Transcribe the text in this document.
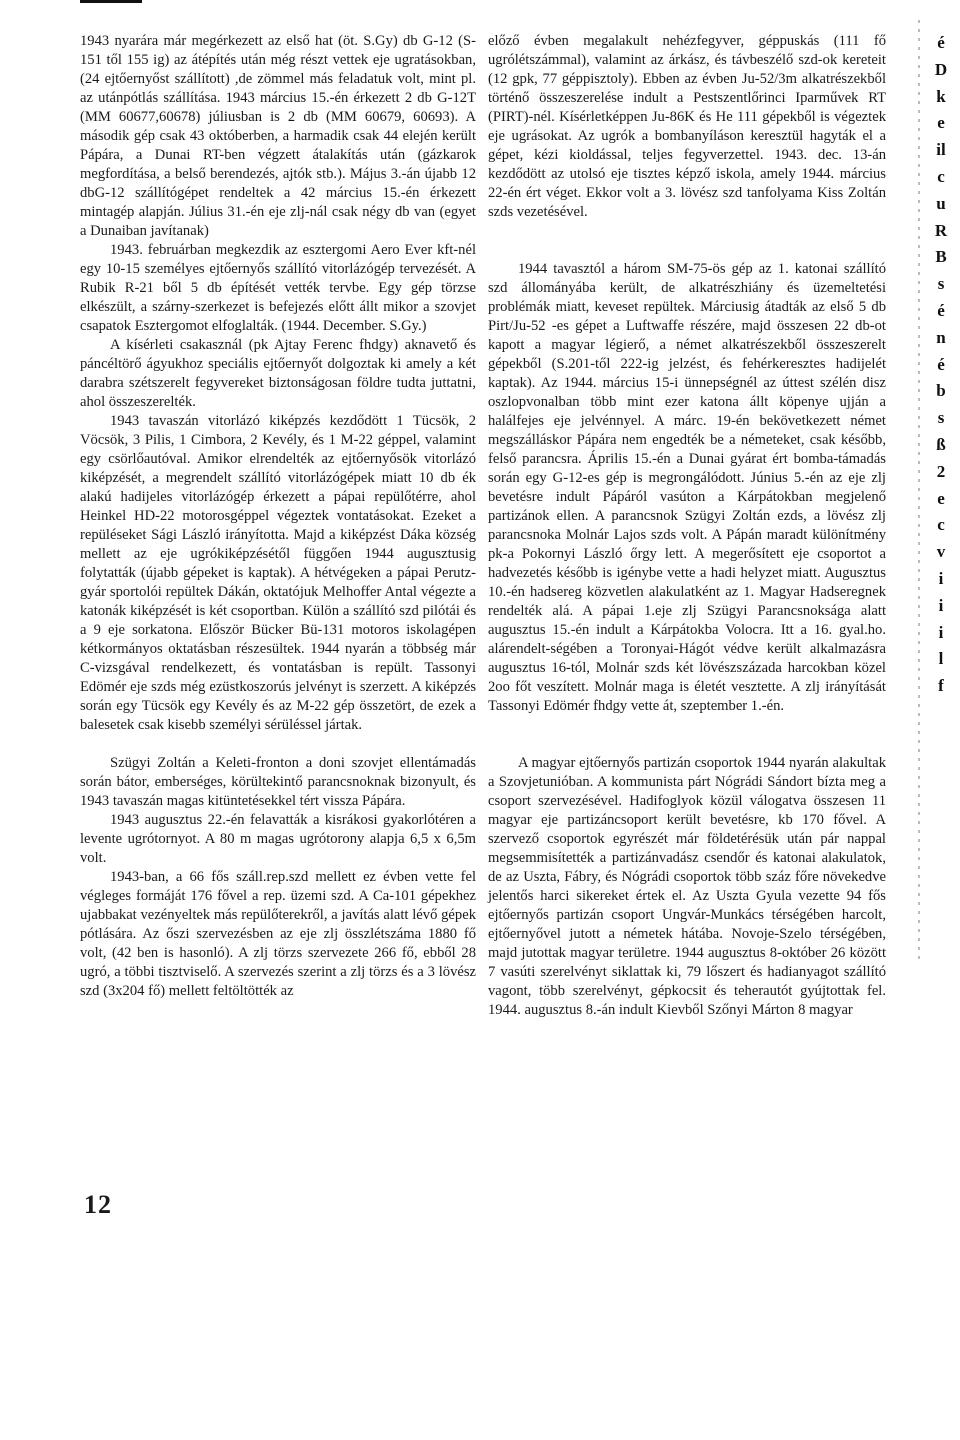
1943 nyarára már megérkezett az első hat (öt. S.Gy) db G-12 (S-151 től 155 ig) az átépítés után még részt vettek eje ugratásokban, (24 ejtőernyőst szállított) ,de zömmel más feladatuk volt, mint pl. az utánpótlás szállítása. 1943 március 15.-én érkezett 2 db G-12T (MM 60677,60678) júliusban is 2 db (MM 60679, 60693). A második gép csak 43 októberben, a harmadik csak 44 elején került Pápára, a Dunai RT-ben végzett átalakítás után (gázkarok megfordítása, a belső berendezés, ajtók stb.). Május 3.-án újabb 12 dbG-12 szállítógépet rendeltek a 42 március 15.-én érkezett mintagép alapján. Július 31.-én eje zlj-nál csak négy db van (egyet a Dunaiban javítanak)

1943. februárban megkezdik az esztergomi Aero Ever kft-nél egy 10-15 személyes ejtőernyős szállító vitorlázógép tervezését. A Rubik R-21 ből 5 db építését vették tervbe. Egy gép törzse elkészült, a szárny-szerkezet is befejezés előtt állt mikor a szovjet csapatok Esztergomot elfoglalták. (1944. December. S.Gy.)

A kísérleti csakasznál (pk Ajtay Ferenc fhdgy) aknavető és páncéltörő ágyukhoz speciális ejtőernyőt dolgoztak ki amely a két darabra szétszerelt fegyvereket biztonságosan földre tudta juttatni, ahol összeszerelték.

1943 tavaszán vitorlázó kiképzés kezdődött 1 Tücsök, 2 Vöcsök, 3 Pilis, 1 Cimbora, 2 Kevély, és 1 M-22 géppel, valamint egy csörlőautóval. Amikor elrendelték az ejtőernyősök vitorlázó kiképzését, a megrendelt szállító vitorlázógépek miatt 10 db ék alakú hadijeles vitorlázógép érkezett a pápai repülőtérre, ahol Heinkel HD-22 motorosgéppel végeztek vontatásokat. Ezeket a repüléseket Sági László irányította. Majd a kiképzést Dáka község mellett az eje ugrókiképzésétől függően 1944 augusztusig folytatták (újabb gépeket is kaptak). A hétvégeken a pápai Perutz-gyár sportolói repültek Dákán, oktatójuk Melhoffer Antal végezte a katonák kiképzését is két csoportban. Külön a szállító szd pilótái és a 9 eje sorkatona. Először Bücker Bü-131 motoros iskolagépen kétkormányos oktatásban részesültek. 1944 nyarán a többség már C-vizsgával rendelkezett, és vontatásban is repült. Tassonyi Edömér eje szds még ezüstkoszorús jelvényt is szerzett. A kiképzés során egy Tücsök egy Kevély és az M-22 gép összetört, de ezek a balesetek csak kisebb személyi sérüléssel jártak.

Szügyi Zoltán a Keleti-fronton a doni szovjet ellentámadás során bátor, emberséges, körültekintő parancsnoknak bizonyult, és 1943 tavaszán magas kitüntetésekkel tért vissza Pápára.

1943 augusztus 22.-én felavatták a kisrákosi gyakorlótéren a levente ugrótornyot. A 80 m magas ugrótorony alapja 6,5 x 6,5m volt.

1943-ban, a 66 fős száll.rep.szd mellett ez évben vette fel végleges formáját 176 fővel a rep. üzemi szd. A Ca-101 gépekhez ujabbakat vezényeltek más repülőterekről, a javítás alatt lévő gépek pótlására. Az őszi szervezésben az eje zlj összlétszáma 1880 fő volt, (42 ben is hasonló). A zlj törzs szervezete 266 fő, ebből 28 ugró, a többi tisztviselő. A szervezés szerint a zlj törzs és a 3 lövész szd (3x204 fő) mellett feltöltötték az

előző évben megalakult nehézfegyver, géppuskás (111 fő ugrólétszámmal), valamint az árkász, és távbeszélő szd-ok kereteit (12 gpk, 77 géppisztoly). Ebben az évben Ju-52/3m alkatrészekből történő összeszerelése indult a Pestszentlőrinci Iparművek RT (PIRT)-nél. Kísérletképpen Ju-86K és He 111 gépekből is végeztek eje ugrásokat. Az ugrók a bombanyíláson keresztül hagyták el a gépet, kézi kioldással, teljes fegyverzettel. 1943. dec. 13-án kezdődött az utolsó eje tisztes képző iskola, amely 1944. március 22-én ért véget. Ekkor volt a 3. lövész szd tanfolyama Kiss Zoltán szds vezetésével.

1944 tavasztól a három SM-75-ös gép az 1. katonai szállító szd állományába került, de alkatrészhiány és üzemeltetési problémák miatt, keveset repültek. Márciusig átadták az első 5 db Pirt/Ju-52 -es gépet a Luftwaffe részére, majd összesen 22 db-ot kapott a magyar légierő, a német alkatrészekből összeszerelt gépekből (S.201-től 222-ig jelzést, és fehérkeresztes hadijelét kaptak). Az 1944. március 15-i ünnepségnél az úttest szélén disz oszlopvonalban több mint ezer katona állt köpenye ujján a halálfejes eje jelvénnyel. A márc. 19-én bekövetkezett német megszálláskor Pápára nem engedték be a németeket, csak később, felső parancsra. Április 15.-én a Dunai gyárat ért bomba-támadás során egy G-12-es gép is megrongálódott. Június 5.-én az eje zlj bevetésre indult Pápáról vasúton a Kárpátokban megjelenő partizánok ellen. A parancsnok Szügyi Zoltán ezds, a lövész zlj parancsnoka Molnár Lajos szds volt. A Pápán maradt különítmény pk-a Pokornyi László őrgy lett. A megerősített eje csoportot a hadvezetés később is igénybe vette a hadi helyzet miatt. Augusztus 10.-én hadsereg közvetlen alakulatként az 1. Magyar Hadseregnek rendelték alá. A pápai 1.eje zlj Szügyi Parancsnoksága alatt augusztus 15.-én indult a Kárpátokba Volocra. Itt a 16. gyal.ho. alárendelt-ségében a Toronyai-Hágót védve került alkalmazásra augusztus 16-tól, Molnár szds két lövészszázada harcokban közel 2oo főt veszített. Molnár maga is életét vesztette. A zlj irányítását Tassonyi Edömér fhdgy vette át, szeptember 1.-én.

A magyar ejtőernyős partizán csoportok 1944 nyarán alakultak a Szovjetunióban. A kommunista párt Nógrádi Sándort bízta meg a csoport szervezésével. Hadifoglyok közül válogatva összesen 11 magyar eje partizáncsoport került bevetésre, kb 170 fővel. A szervező csoportok egyrészét már földetérésük után pár nappal megsemmisítették a partizánvadász csendőr és katonai alakulatok, de az Uszta, Fábry, és Nógrádi csoportok több száz főre növekedve jelentős harci sikereket értek el. Az Uszta Gyula vezette 94 fős ejtőernyős partizán csoport Ungvár-Munkács térségében harcolt, ejtőernyővel jutott a németek hátába. Novoje-Szelo térségében, majd jutottak magyar területre. 1944 augusztus 8-október 26 között 7 vasúti szerelvényt siklattak ki, 79 lőszert és hadianyagot szállító vagont, több szerelvényt, gépkocsit és teherautót gyújtottak fel. 1944. augusztus 8.-án indult Kievből Szőnyi Márton 8 magyar

12
é
D
k
e
il
c
u
R
B
s
é
n
é
b
s
ß
2
e
c
v
i
i
i
l
f
